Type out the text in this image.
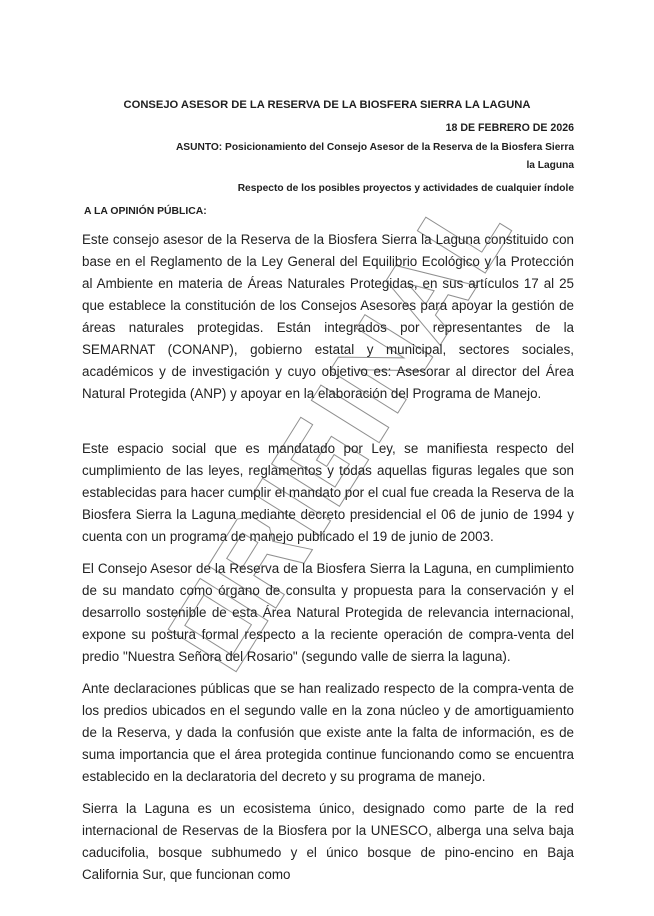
CONSEJO ASESOR DE LA RESERVA DE LA BIOSFERA SIERRA LA LAGUNA
18 DE FEBRERO DE 2026
ASUNTO: Posicionamiento del Consejo Asesor de la Reserva de la Biosfera Sierra la Laguna
Respecto de los posibles proyectos y actividades de cualquier índole
A LA OPINIÓN PÚBLICA:

Este consejo asesor de la Reserva de la Biosfera Sierra la Laguna constituido con base en el Reglamento de la Ley General del Equilibrio Ecológico y la Protección al Ambiente en materia de Áreas Naturales Protegidas, en sus artículos 17 al 25 que establece la constitución de los Consejos Asesores para apoyar la gestión de áreas naturales protegidas. Están integrados por representantes de la SEMARNAT (CONANP), gobierno estatal y municipal, sectores sociales, académicos y de investigación y cuyo objetivo es: Asesorar al director del Área Natural Protegida (ANP) y apoyar en la elaboración del Programa de Manejo.

Este espacio social que es mandatado por Ley, se manifiesta respecto del cumplimiento de las leyes, reglamentos y todas aquellas figuras legales que son establecidas para hacer cumplir el mandato por el cual fue creada la Reserva de la Biosfera Sierra la Laguna mediante decreto presidencial el 06 de junio de 1994 y cuenta con un programa de manejo publicado el 19 de junio de 2003.

El Consejo Asesor de la Reserva de la Biosfera Sierra la Laguna, en cumplimiento de su mandato como órgano de consulta y propuesta para la conservación y el desarrollo sostenible de esta Área Natural Protegida de relevancia internacional, expone su postura formal respecto a la reciente operación de compra-venta del predio "Nuestra Señora del Rosario" (segundo valle de sierra la laguna).

Ante declaraciones públicas que se han realizado respecto de la compra-venta de los predios ubicados en el segundo valle en la zona núcleo y de amortiguamiento de la Reserva, y dada la confusión que existe ante la falta de información, es de suma importancia que el área protegida continue funcionando como se encuentra establecido en la declaratoria del decreto y su programa de manejo.

Sierra la Laguna es un ecosistema único, designado como parte de la red internacional de Reservas de la Biosfera por la UNESCO, alberga una selva baja caducifolia, bosque subhumedo y el único bosque de pino-encino en Baja California Sur, que funcionan como
